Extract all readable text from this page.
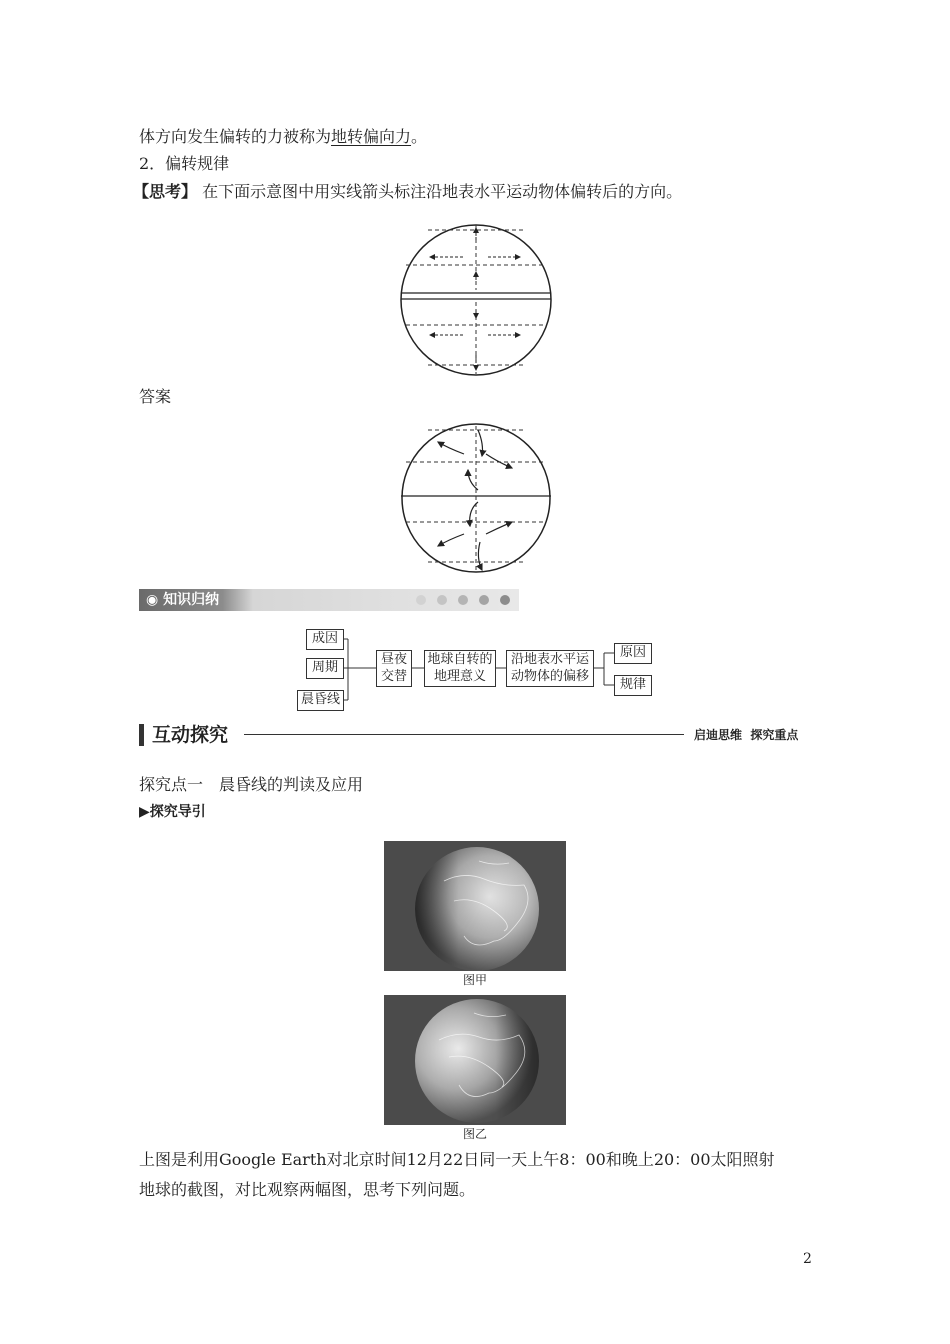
体方向发生偏转的力被称为地转偏向力。
2．偏转规律
【思考】 在下面示意图中用实线箭头标注沿地表水平运动物体偏转后的方向。
答案
◉ 知识归纳
成因
周期
晨昏线
昼夜
交替
地球自转的
地理意义
沿地表水平运
动物体的偏移
原因
规律
互动探究	启迪思维  探究重点
探究点一　晨昏线的判读及应用
▶探究导引
图甲
图乙
上图是利用Google Earth对北京时间12月22日同一天上午8：00和晚上20：00太阳照射
地球的截图，对比观察两幅图，思考下列问题。
2
